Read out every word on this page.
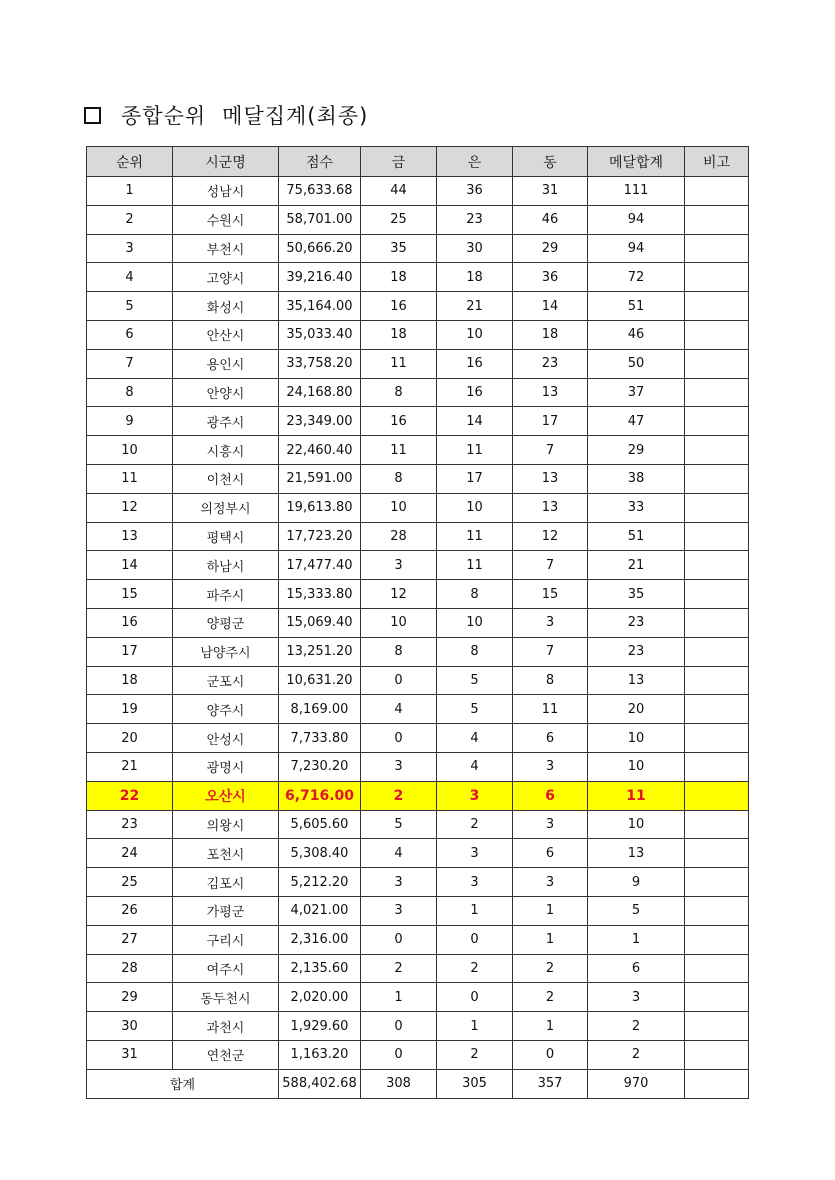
종합순위 메달집계(최종)
순위	시군명	점수	금	은	동	메달합계	비고
1	성남시	75,633.68	44	36	31	111	
2	수원시	58,701.00	25	23	46	94	
3	부천시	50,666.20	35	30	29	94	
4	고양시	39,216.40	18	18	36	72	
5	화성시	35,164.00	16	21	14	51	
6	안산시	35,033.40	18	10	18	46	
7	용인시	33,758.20	11	16	23	50	
8	안양시	24,168.80	8	16	13	37	
9	광주시	23,349.00	16	14	17	47	
10	시흥시	22,460.40	11	11	7	29	
11	이천시	21,591.00	8	17	13	38	
12	의정부시	19,613.80	10	10	13	33	
13	평택시	17,723.20	28	11	12	51	
14	하남시	17,477.40	3	11	7	21	
15	파주시	15,333.80	12	8	15	35	
16	양평군	15,069.40	10	10	3	23	
17	남양주시	13,251.20	8	8	7	23	
18	군포시	10,631.20	0	5	8	13	
19	양주시	8,169.00	4	5	11	20	
20	안성시	7,733.80	0	4	6	10	
21	광명시	7,230.20	3	4	3	10	
22	오산시	6,716.00	2	3	6	11	
23	의왕시	5,605.60	5	2	3	10	
24	포천시	5,308.40	4	3	6	13	
25	김포시	5,212.20	3	3	3	9	
26	가평군	4,021.00	3	1	1	5	
27	구리시	2,316.00	0	0	1	1	
28	여주시	2,135.60	2	2	2	6	
29	동두천시	2,020.00	1	0	2	3	
30	과천시	1,929.60	0	1	1	2	
31	연천군	1,163.20	0	2	0	2	
합계		588,402.68	308	305	357	970	
